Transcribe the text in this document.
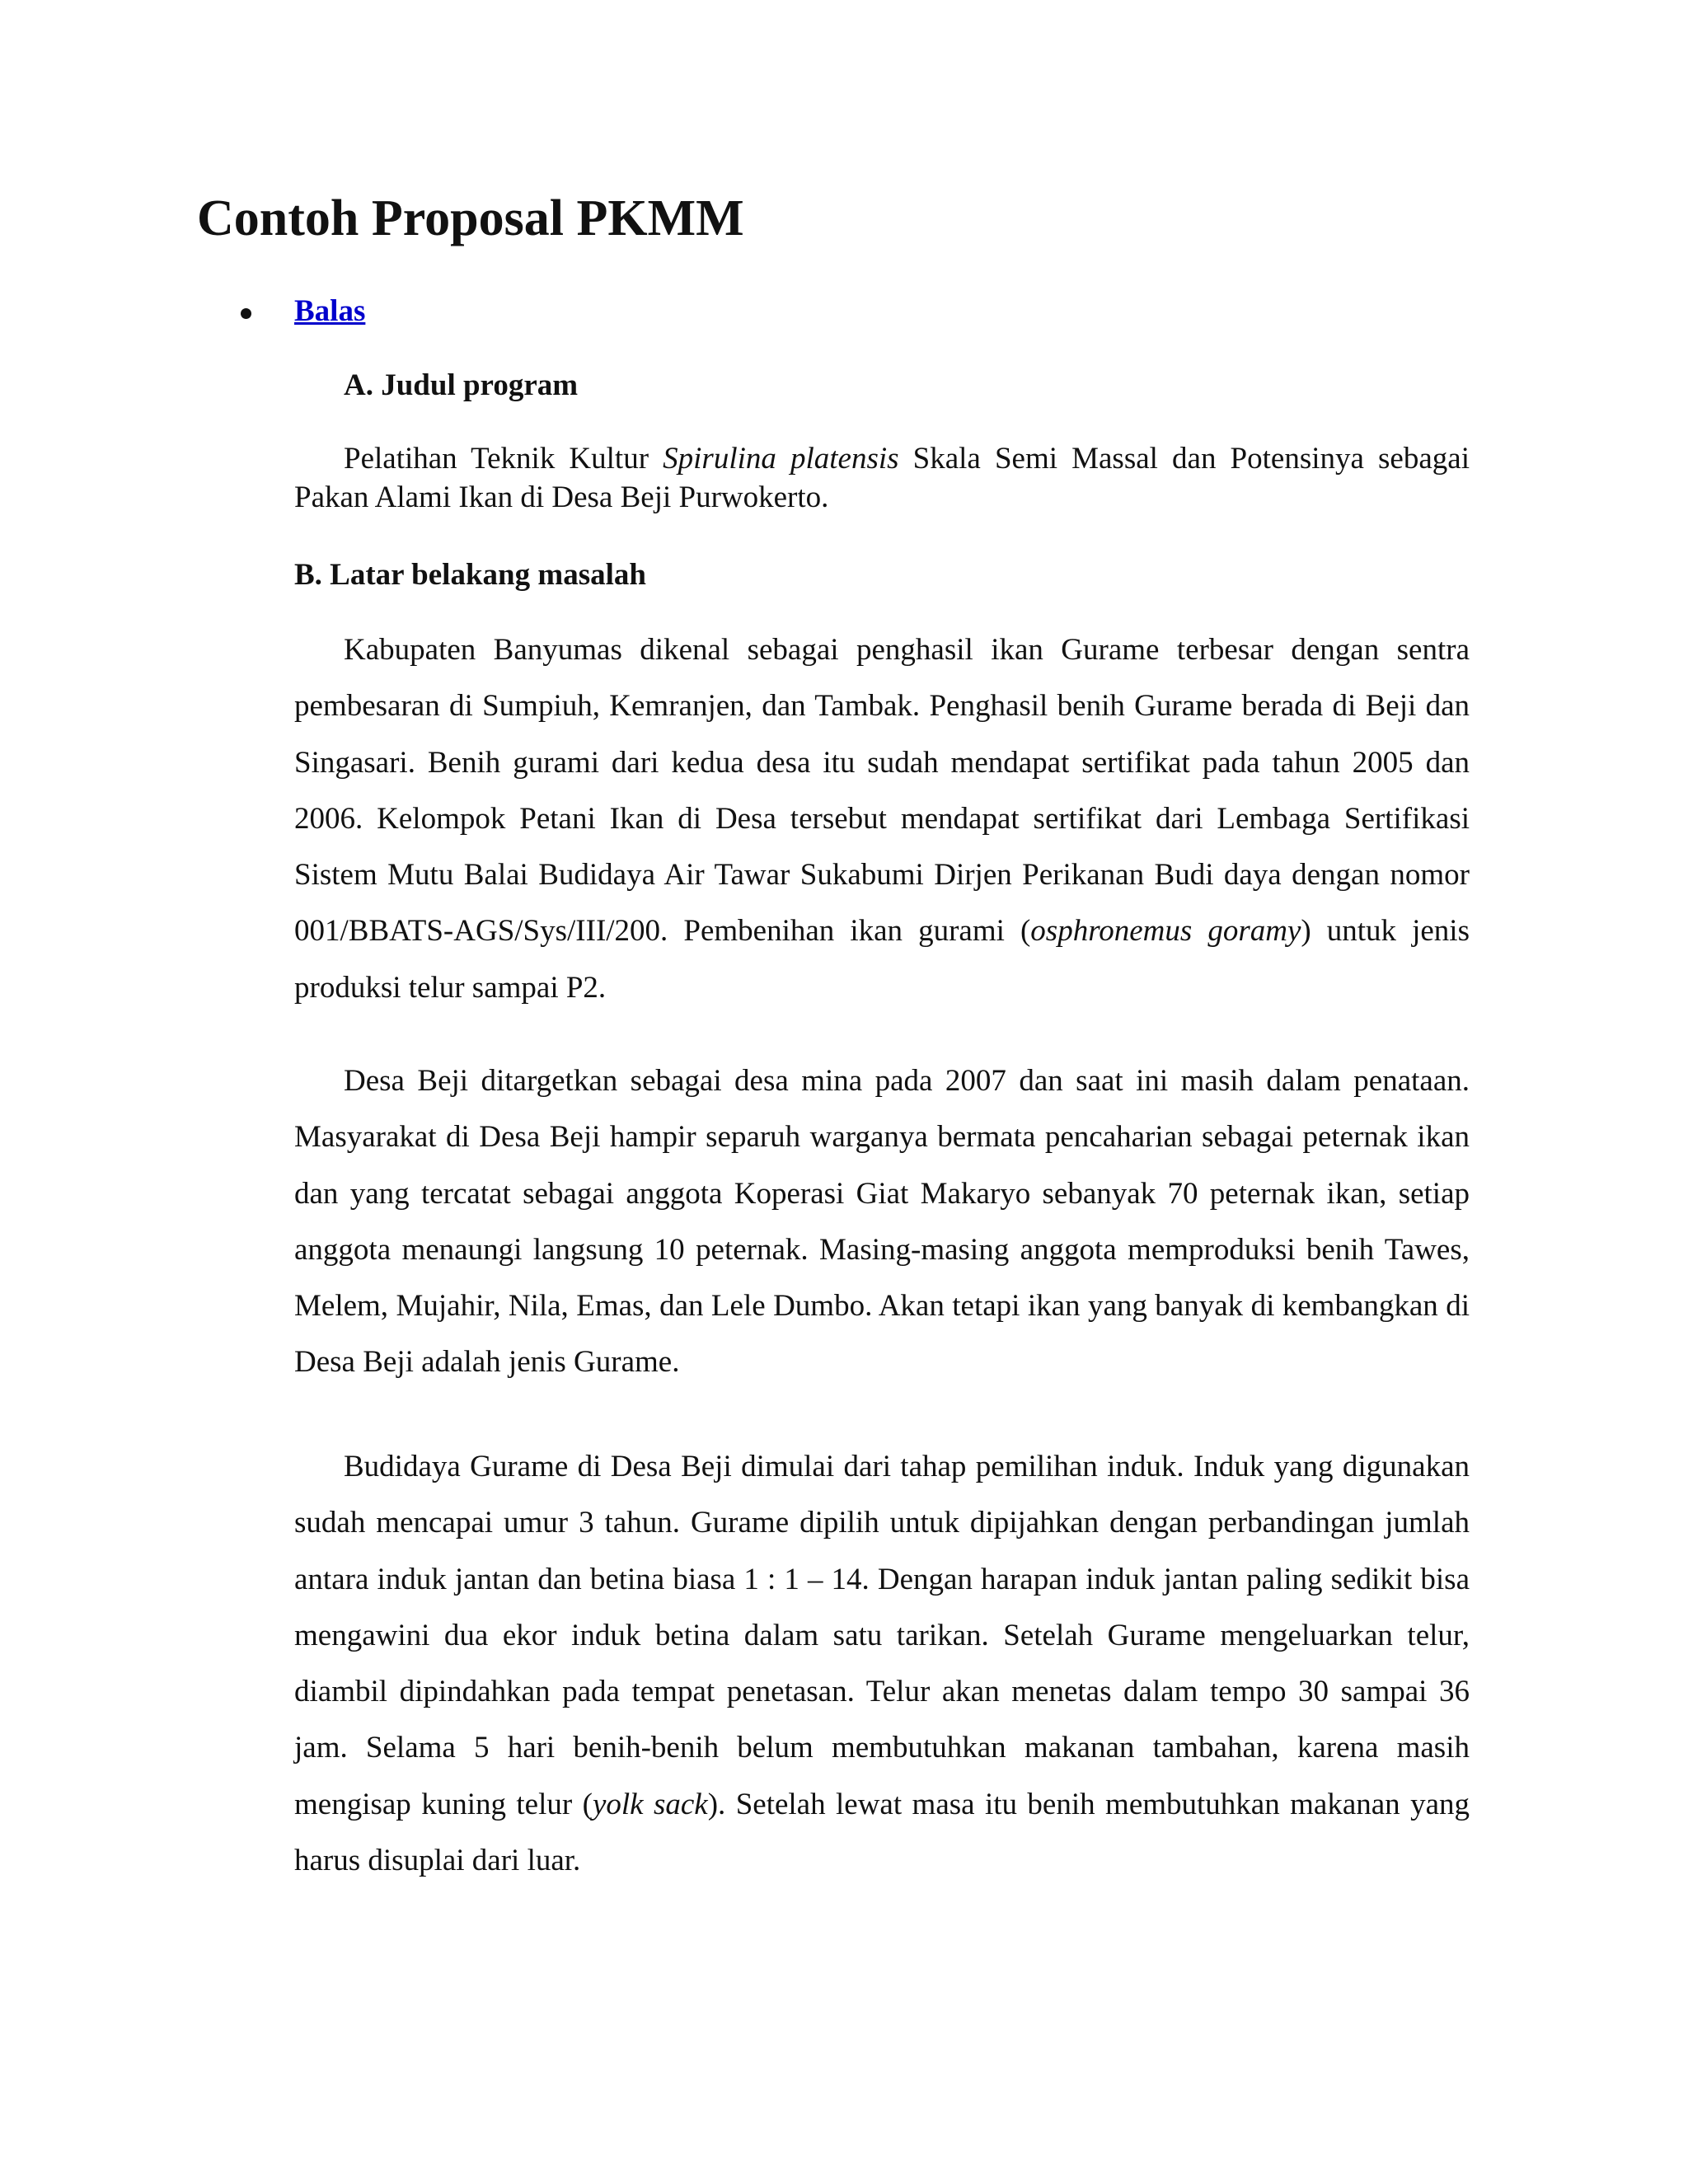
Contoh Proposal PKMM
Balas
A. Judul program

Pelatihan Teknik Kultur Spirulina platensis Skala Semi Massal dan Potensinya sebagai Pakan Alami Ikan di Desa Beji Purwokerto.

B. Latar belakang masalah

Kabupaten Banyumas dikenal sebagai penghasil ikan Gurame terbesar dengan sentra pembesaran di Sumpiuh, Kemranjen, dan Tambak. Penghasil benih Gurame berada di Beji dan Singasari. Benih gurami dari kedua desa itu sudah mendapat sertifikat pada tahun 2005 dan 2006. Kelompok Petani Ikan di Desa tersebut mendapat sertifikat dari Lembaga Sertifikasi Sistem Mutu Balai Budidaya Air Tawar Sukabumi Dirjen Perikanan Budi daya dengan nomor 001/BBATS-AGS/Sys/III/200. Pembenihan ikan gurami (osphronemus goramy) untuk jenis produksi telur sampai P2.

Desa Beji ditargetkan sebagai desa mina pada 2007 dan saat ini masih dalam penataan. Masyarakat di Desa Beji hampir separuh warganya bermata pencaharian sebagai peternak ikan dan yang tercatat sebagai anggota Koperasi Giat Makaryo sebanyak 70 peternak ikan, setiap anggota menaungi langsung 10 peternak. Masing-masing anggota memproduksi benih Tawes, Melem, Mujahir, Nila, Emas, dan Lele Dumbo. Akan tetapi ikan yang banyak di kembangkan di Desa Beji adalah jenis Gurame.

Budidaya Gurame di Desa Beji dimulai dari tahap pemilihan induk. Induk yang digunakan sudah mencapai umur 3 tahun. Gurame dipilih untuk dipijahkan dengan perbandingan jumlah antara induk jantan dan betina biasa 1 : 1 – 14. Dengan harapan induk jantan paling sedikit bisa mengawini dua ekor induk betina dalam satu tarikan. Setelah Gurame mengeluarkan telur, diambil dipindahkan pada tempat penetasan. Telur akan menetas dalam tempo 30 sampai 36 jam. Selama 5 hari benih-benih belum membutuhkan makanan tambahan, karena masih mengisap kuning telur (yolk sack). Setelah lewat masa itu benih membutuhkan makanan yang harus disuplai dari luar.
